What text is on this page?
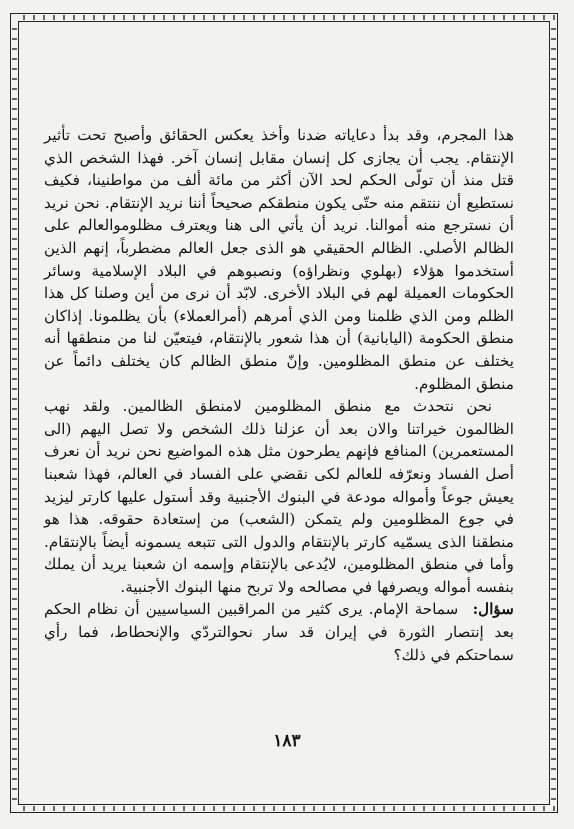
هذا المجرم، وقد بدأ دعاياته ضدنا وأخذ يعكس الحقائق وأصبح تحت تأثير الإنتقام. يجب أن يجازى كل إنسان مقابل إنسان آخر. فهذا الشخص الذي قتل منذ أن تولّى الحكم لحد الآن أكثر من مائة ألف من مواطنينا، فكيف نستطيع أن ننتقم منه حتّى يكون منطقكم صحيحاً أننا نريد الإنتقام. نحن نريد أن نسترجع منه أموالنا. نريد أن يأتي الى هنا ويعترف مظلوموالعالم على الظالم الأصلي. الظالم الحقيقي هو الذى جعل العالم مضطرباً، إنهم الذين أستخدموا هؤلاء (بهلوي ونظراؤه) ونصبوهم في البلاد الإسلامية وسائر الحكومات العميلة لهم في البلاد الأخرى. لابّد أن نرى من أين وصلنا كل هذا الظلم ومن الذي ظلمنا ومن الذي أمرهم (أمرالعملاء) بأن يظلمونا. إذاكان منطق الحكومة (اليابانية) أن هذا شعور بالإنتقام، فيتعيّن لنا من منطقها أنه يختلف عن منطق المظلومين. وإنّ منطق الظالم كان يختلف دائماً عن منطق المظلوم.

نحن نتحدث مع منطق المظلومين لامنطق الظالمين. ولقد نهب الظالمون خيراتنا والان بعد أن عزلنا ذلك الشخص ولا تصل اليهم (الى المستعمرين) المنافع فإنهم يطرحون مثل هذه المواضيع نحن نريد أن نعرف أصل الفساد ونعرّفه للعالم لكى نقضي على الفساد في العالم، فهذا شعبنا يعيش جوعاً وأمواله مودعة في البنوك الأجنبية وقد أستول عليها كارتر ليزيد في جوع المظلومين ولم يتمكن (الشعب) من إستعادة حقوقه. هذا هو منطقنا الذى يسمّيه كارتر بالإنتقام والدول التى تتبعه يسمونه أيضاً بالإنتقام. وأما في منطق المظلومين، لايُدعى بالإنتقام وإسمه ان شعبنا يريد أن يملك بنفسه أمواله ويصرفها في مصالحه ولا تربح منها البنوك الأجنبية.

سؤال: سماحة الإمام. يرى كثير من المراقبين السياسيين أن نظام الحكم بعد إنتصار الثورة في إيران قد سار نحوالتردّي والإنحطاط، فما رأي سماحتكم في ذلك؟

١٨٣
